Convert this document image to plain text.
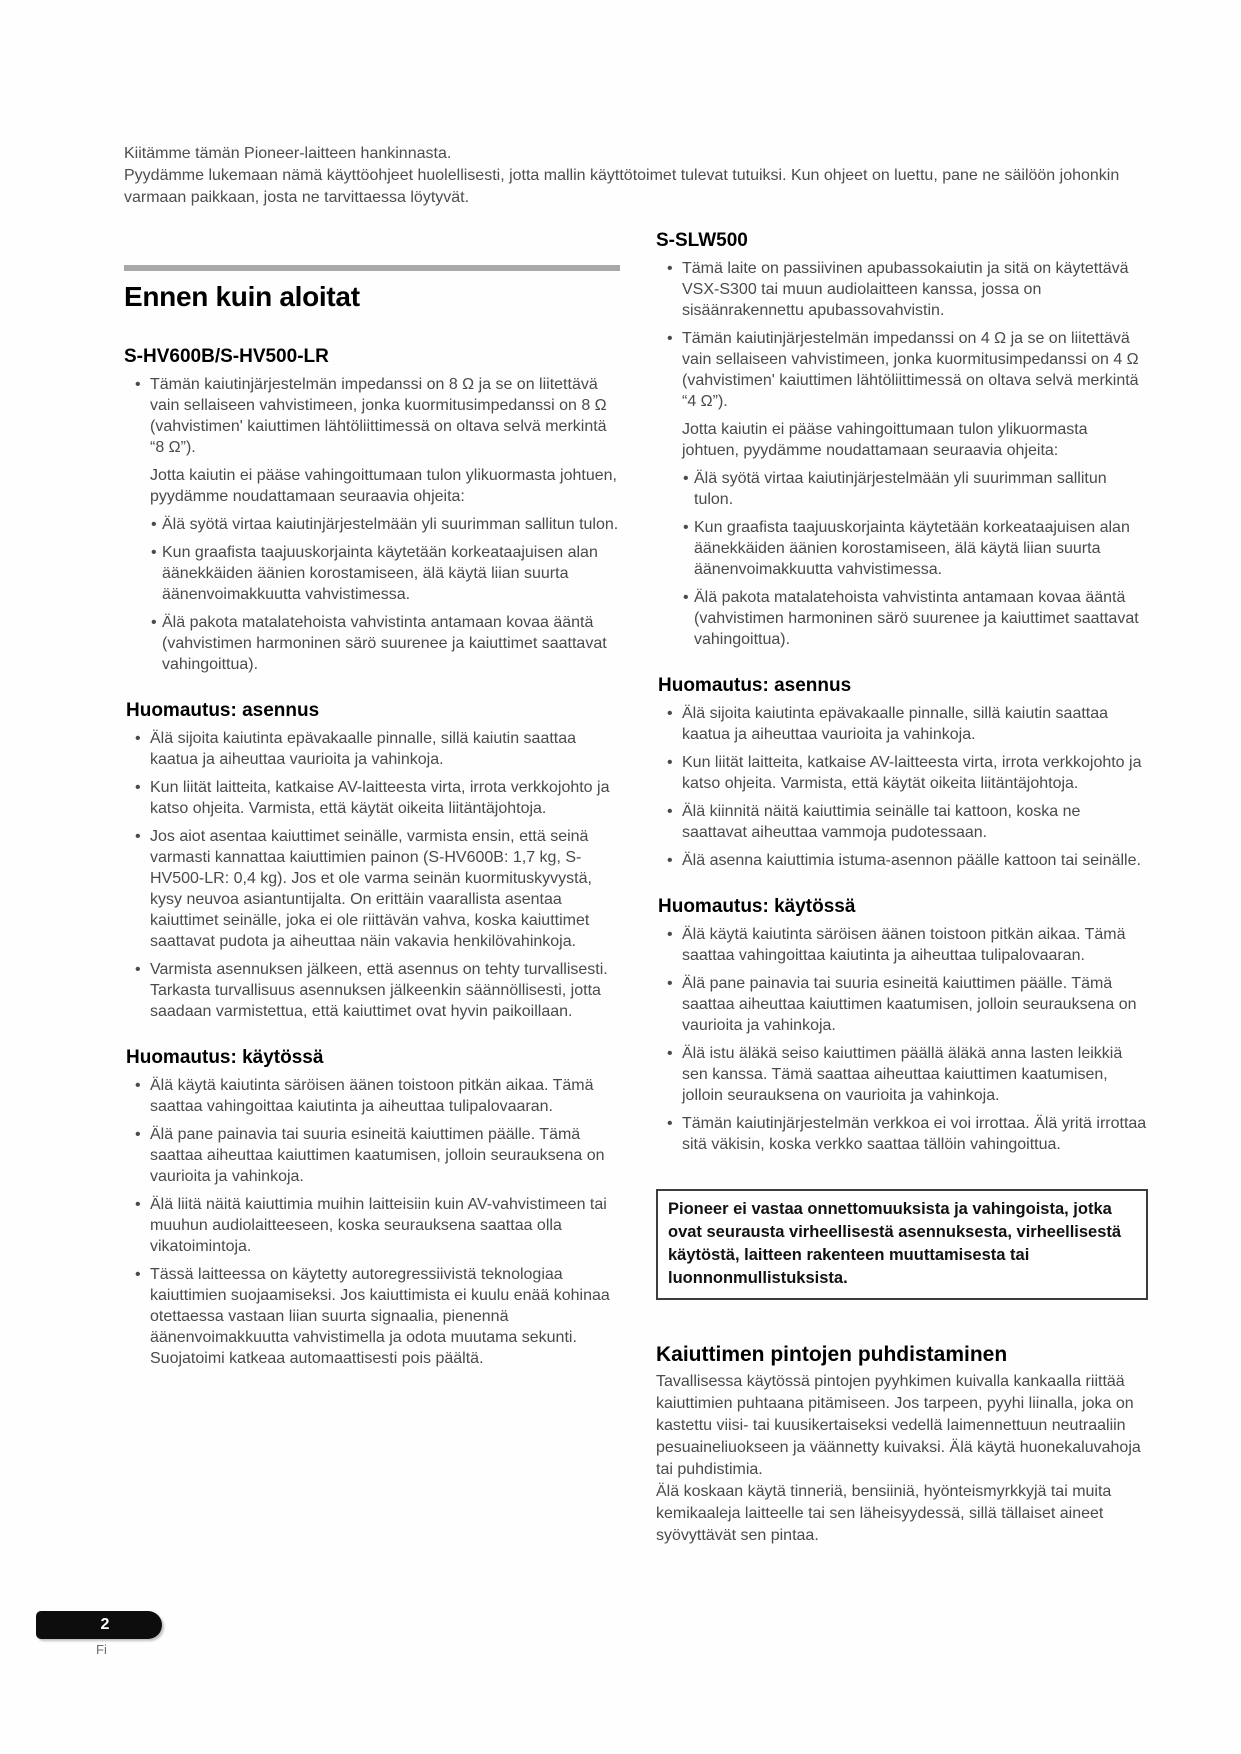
Kiitämme tämän Pioneer-laitteen hankinnasta.

Pyydämme lukemaan nämä käyttöohjeet huolellisesti, jotta mallin käyttötoimet tulevat tutuiksi. Kun ohjeet on luettu, pane ne säilöön johonkin varmaan paikkaan, josta ne tarvittaessa löytyvät.

Ennen kuin aloitat
S-HV600B/S-HV500-LR
• Tämän kaiutinjärjestelmän impedanssi on 8 Ω ja se on liitettävä vain sellaiseen vahvistimeen, jonka kuormitusimpedanssi on 8 Ω (vahvistimen' kaiuttimen lähtöliittimessä on oltava selvä merkintä “8 Ω”).

Jotta kaiutin ei pääse vahingoittumaan tulon ylikuormasta johtuen, pyydämme noudattamaan seuraavia ohjeita:

• Älä syötä virtaa kaiutinjärjestelmään yli suurimman sallitun tulon.
• Kun graafista taajuuskorjainta käytetään korkeataajuisen alan äänekkäiden äänien korostamiseen, älä käytä liian suurta äänenvoimakkuutta vahvistimessa.
• Älä pakota matalatehoista vahvistinta antamaan kovaa ääntä (vahvistimen harmoninen särö suurenee ja kaiuttimet saattavat vahingoittua).
Huomautus: asennus
• Älä sijoita kaiutinta epävakaalle pinnalle, sillä kaiutin saattaa kaatua ja aiheuttaa vaurioita ja vahinkoja.
• Kun liität laitteita, katkaise AV-laitteesta virta, irrota verkkojohto ja katso ohjeita. Varmista, että käytät oikeita liitäntäjohtoja.
• Jos aiot asentaa kaiuttimet seinälle, varmista ensin, että seinä varmasti kannattaa kaiuttimien painon (S-HV600B: 1,7 kg, S-HV500-LR: 0,4 kg). Jos et ole varma seinän kuormituskyvystä, kysy neuvoa asiantuntijalta. On erittäin vaarallista asentaa kaiuttimet seinälle, joka ei ole riittävän vahva, koska kaiuttimet saattavat pudota ja aiheuttaa näin vakavia henkilövahinkoja.
• Varmista asennuksen jälkeen, että asennus on tehty turvallisesti. Tarkasta turvallisuus asennuksen jälkeenkin säännöllisesti, jotta saadaan varmistettua, että kaiuttimet ovat hyvin paikoillaan.
Huomautus: käytössä
• Älä käytä kaiutinta säröisen äänen toistoon pitkän aikaa. Tämä saattaa vahingoittaa kaiutinta ja aiheuttaa tulipalovaaran.
• Älä pane painavia tai suuria esineitä kaiuttimen päälle. Tämä saattaa aiheuttaa kaiuttimen kaatumisen, jolloin seurauksena on vaurioita ja vahinkoja.
• Älä liitä näitä kaiuttimia muihin laitteisiin kuin AV-vahvistimeen tai muuhun audiolaitteeseen, koska seurauksena saattaa olla vikatoimintoja.
• Tässä laitteessa on käytetty autoregressiivistä teknologiaa kaiuttimien suojaamiseksi. Jos kaiuttimista ei kuulu enää kohinaa otettaessa vastaan liian suurta signaalia, pienennä äänenvoimakkuutta vahvistimella ja odota muutama sekunti. Suojatoimi katkeaa automaattisesti pois päältä.
S-SLW500
• Tämä laite on passiivinen apubassokaiutin ja sitä on käytettävä VSX-S300 tai muun audiolaitteen kanssa, jossa on sisäänrakennettu apubassovahvistin.
• Tämän kaiutinjärjestelmän impedanssi on 4 Ω ja se on liitettävä vain sellaiseen vahvistimeen, jonka kuormitusimpedanssi on 4 Ω (vahvistimen' kaiuttimen lähtöliittimessä on oltava selvä merkintä “4 Ω”).

Jotta kaiutin ei pääse vahingoittumaan tulon ylikuormasta johtuen, pyydämme noudattamaan seuraavia ohjeita:

• Älä syötä virtaa kaiutinjärjestelmään yli suurimman sallitun tulon.
• Kun graafista taajuuskorjainta käytetään korkeataajuisen alan äänekkäiden äänien korostamiseen, älä käytä liian suurta äänenvoimakkuutta vahvistimessa.
• Älä pakota matalatehoista vahvistinta antamaan kovaa ääntä (vahvistimen harmoninen särö suurenee ja kaiuttimet saattavat vahingoittua).
Huomautus: asennus
• Älä sijoita kaiutinta epävakaalle pinnalle, sillä kaiutin saattaa kaatua ja aiheuttaa vaurioita ja vahinkoja.
• Kun liität laitteita, katkaise AV-laitteesta virta, irrota verkkojohto ja katso ohjeita. Varmista, että käytät oikeita liitäntäjohtoja.
• Älä kiinnitä näitä kaiuttimia seinälle tai kattoon, koska ne saattavat aiheuttaa vammoja pudotessaan.
• Älä asenna kaiuttimia istuma-asennon päälle kattoon tai seinälle.
Huomautus: käytössä
• Älä käytä kaiutinta säröisen äänen toistoon pitkän aikaa. Tämä saattaa vahingoittaa kaiutinta ja aiheuttaa tulipalovaaran.
• Älä pane painavia tai suuria esineitä kaiuttimen päälle. Tämä saattaa aiheuttaa kaiuttimen kaatumisen, jolloin seurauksena on vaurioita ja vahinkoja.
• Älä istu äläkä seiso kaiuttimen päällä äläkä anna lasten leikkiä sen kanssa. Tämä saattaa aiheuttaa kaiuttimen kaatumisen, jolloin seurauksena on vaurioita ja vahinkoja.
• Tämän kaiutinjärjestelmän verkkoa ei voi irrottaa. Älä yritä irrottaa sitä väkisin, koska verkko saattaa tällöin vahingoittua.
Pioneer ei vastaa onnettomuuksista ja vahingoista, jotka ovat seurausta virheellisestä asennuksesta, virheellisestä käytöstä, laitteen rakenteen muuttamisesta tai luonnonmullistuksista.
Kaiuttimen pintojen puhdistaminen

Tavallisessa käytössä pintojen pyyhkimen kuivalla kankaalla riittää kaiuttimien puhtaana pitämiseen. Jos tarpeen, pyyhi liinalla, joka on kastettu viisi- tai kuusikertaiseksi vedellä laimennettuun neutraaliin pesuaineliuokseen ja väännetty kuivaksi. Älä käytä huonekaluvahoja tai puhdistimia.

Älä koskaan käytä tinneriä, bensiiniä, hyönteismyrkkyjä tai muita kemikaaleja laitteelle tai sen läheisyydessä, sillä tällaiset aineet syövyttävät sen pintaa.

2
Fi
